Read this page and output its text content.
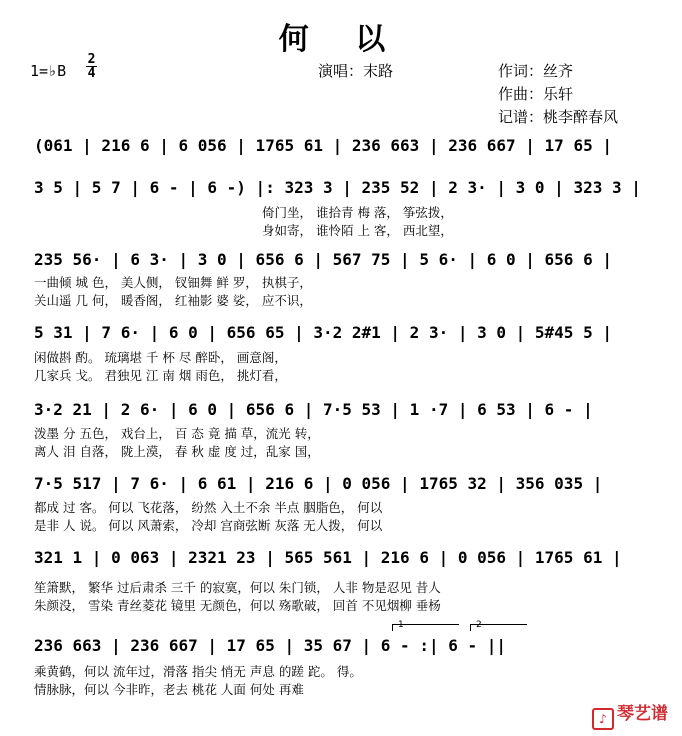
何 以
1=♭B
2
4	演唱：末路	作词：丝齐
作曲：乐轩
记谱：桃李醉春风
(061 | 216 6 | 6 056 | 1765 61 | 236 663 | 236 667 | 17 65 |
3 5 | 5 7 | 6 - | 6 -) |: 323 3 | 235 52 | 2 3· | 3 0 | 323 3 |
倚门坐， 谁拾青 梅 落， 筝弦拨，
身如寄， 谁怜陌 上 客， 西北望，
235 56· | 6 3· | 3 0 | 656 6 | 567 75 | 5 6· | 6 0 | 656 6 |
一曲倾 城 色， 美人侧， 钗钿舞 鲜 罗， 执棋子，
关山遥 几 何， 暖香阁， 红袖影 婆 娑， 应不识，
5 31 | 7 6· | 6 0 | 656 65 | 3·2 2#1 | 2 3· | 3 0 | 5#45 5 |
闲做斟 酌。 琉璃堪 千 杯 尽 醉卧， 画意阁，
几家兵 戈。 君独见 江 南 烟 雨色， 挑灯看，
3·2 21 | 2 6· | 6 0 | 656 6 | 7·5 53 | 1 ·7 | 6 53 | 6 - |
泼墨 分 五色， 戏台上， 百 态 竟 描 草，流光 转，
离人 泪 自落， 陇上漠， 春 秋 虚 度 过，乱家 国，
7·5 517 | 7 6· | 6 61 | 216 6 | 0 056 | 1765 32 | 356 035 |
都成 过 客。 何以 飞花落， 纷然 入土不余 半点 胭脂色， 何以
是非 人 说。 何以 风萧索， 冷却 宫商弦断 灰落 无人拨， 何以
321 1 | 0 063 | 2321 23 | 565 561 | 216 6 | 0 056 | 1765 61 |
笙箫默， 繁华 过后肃杀 三千 的寂寞，何以 朱门锁， 人非 物是忍见 昔人
朱颜没， 雪染 青丝菱花 镜里 无颜色，何以 殇歌破， 回首 不见烟柳 垂杨
1	2
236 663 | 236 667 | 17 65 | 35 67 | 6 - :| 6 - ||
乘黄鹤，何以 流年过，滑落 指尖 悄无 声息 的蹉 跎。 得。
情脉脉，何以 今非昨，老去 桃花 人面 何处 再难
♪ 琴艺谱
